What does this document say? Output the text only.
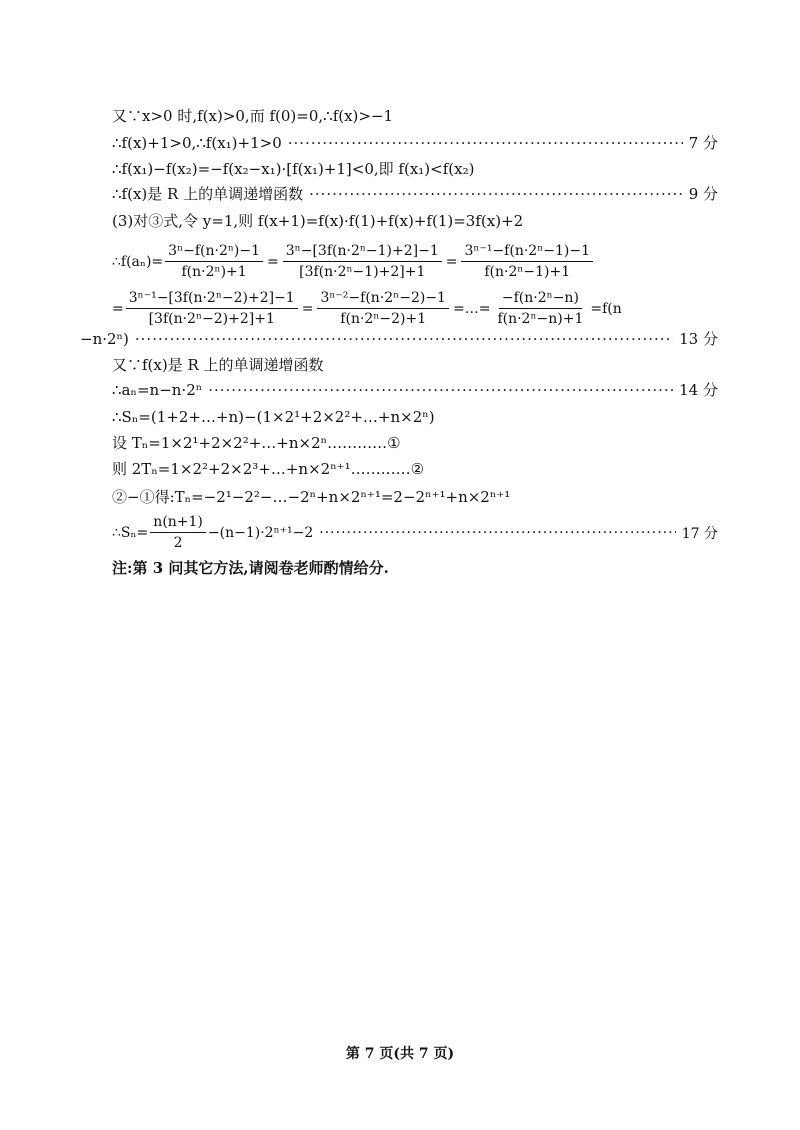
又∵x>0 时,f(x)>0,而 f(0)=0,∴f(x)>−1
∴f(x)+1>0,∴f(x₁)+1>0 ·····	7 分
∴f(x₁)−f(x₂)=−f(x₂−x₁)·[f(x₁)+1]<0,即 f(x₁)<f(x₂)
∴f(x)是 R 上的单调递增函数 ·····	9 分
(3)对③式,令 y=1,则 f(x+1)=f(x)·f(1)+f(x)+f(1)=3f(x)+2
∴f(aₙ)= $\frac{\text{3ⁿ−f(n·2ⁿ)−1}}{\text{f(n·2ⁿ)+1}} = \frac{\text{3ⁿ−[3f(n·2ⁿ−1)+2]−1}}{\text{[3f(n·2ⁿ−1)+2]+1}} = \frac{\text{3ⁿ⁻¹−f(n·2ⁿ−1)−1}}{\text{f(n·2ⁿ−1)+1}}$
= $\frac{\text{3ⁿ⁻¹−[3f(n·2ⁿ−2)+2]−1}}{\text{[3f(n·2ⁿ−2)+2]+1}} = \frac{\text{3ⁿ⁻²−f(n·2ⁿ−2)−1}}{\text{f(n·2ⁿ−2)+1}}$ =…= $\frac{\text{−f(n·2ⁿ−n)}}{\text{f(n·2ⁿ−n)+1}} =f(n$
−n·2ⁿ) ·····	13 分
又∵f(x)是 R 上的单调递增函数
∴aₙ=n−n·2ⁿ ·····	14 分
∴Sₙ=(1+2+…+n)−(1×2¹+2×2²+…+n×2ⁿ)
设 Tₙ=1×2¹+2×2²+…+n×2ⁿ…………①
则 2Tₙ=1×2²+2×2³+…+n×2ⁿ⁺¹…………②
②−①得:Tₙ=−2¹−2²−…−2ⁿ+n×2ⁿ⁺¹=2−2ⁿ⁺¹+n×2ⁿ⁺¹
∴Sₙ= $\frac{n(n+1)}{2} -(n-1)\cdot 2^{n+1}-2$ ·····	17 分
注:第 3 问其它方法,请阅卷老师酌情给分.
第 7 页(共 7 页)
